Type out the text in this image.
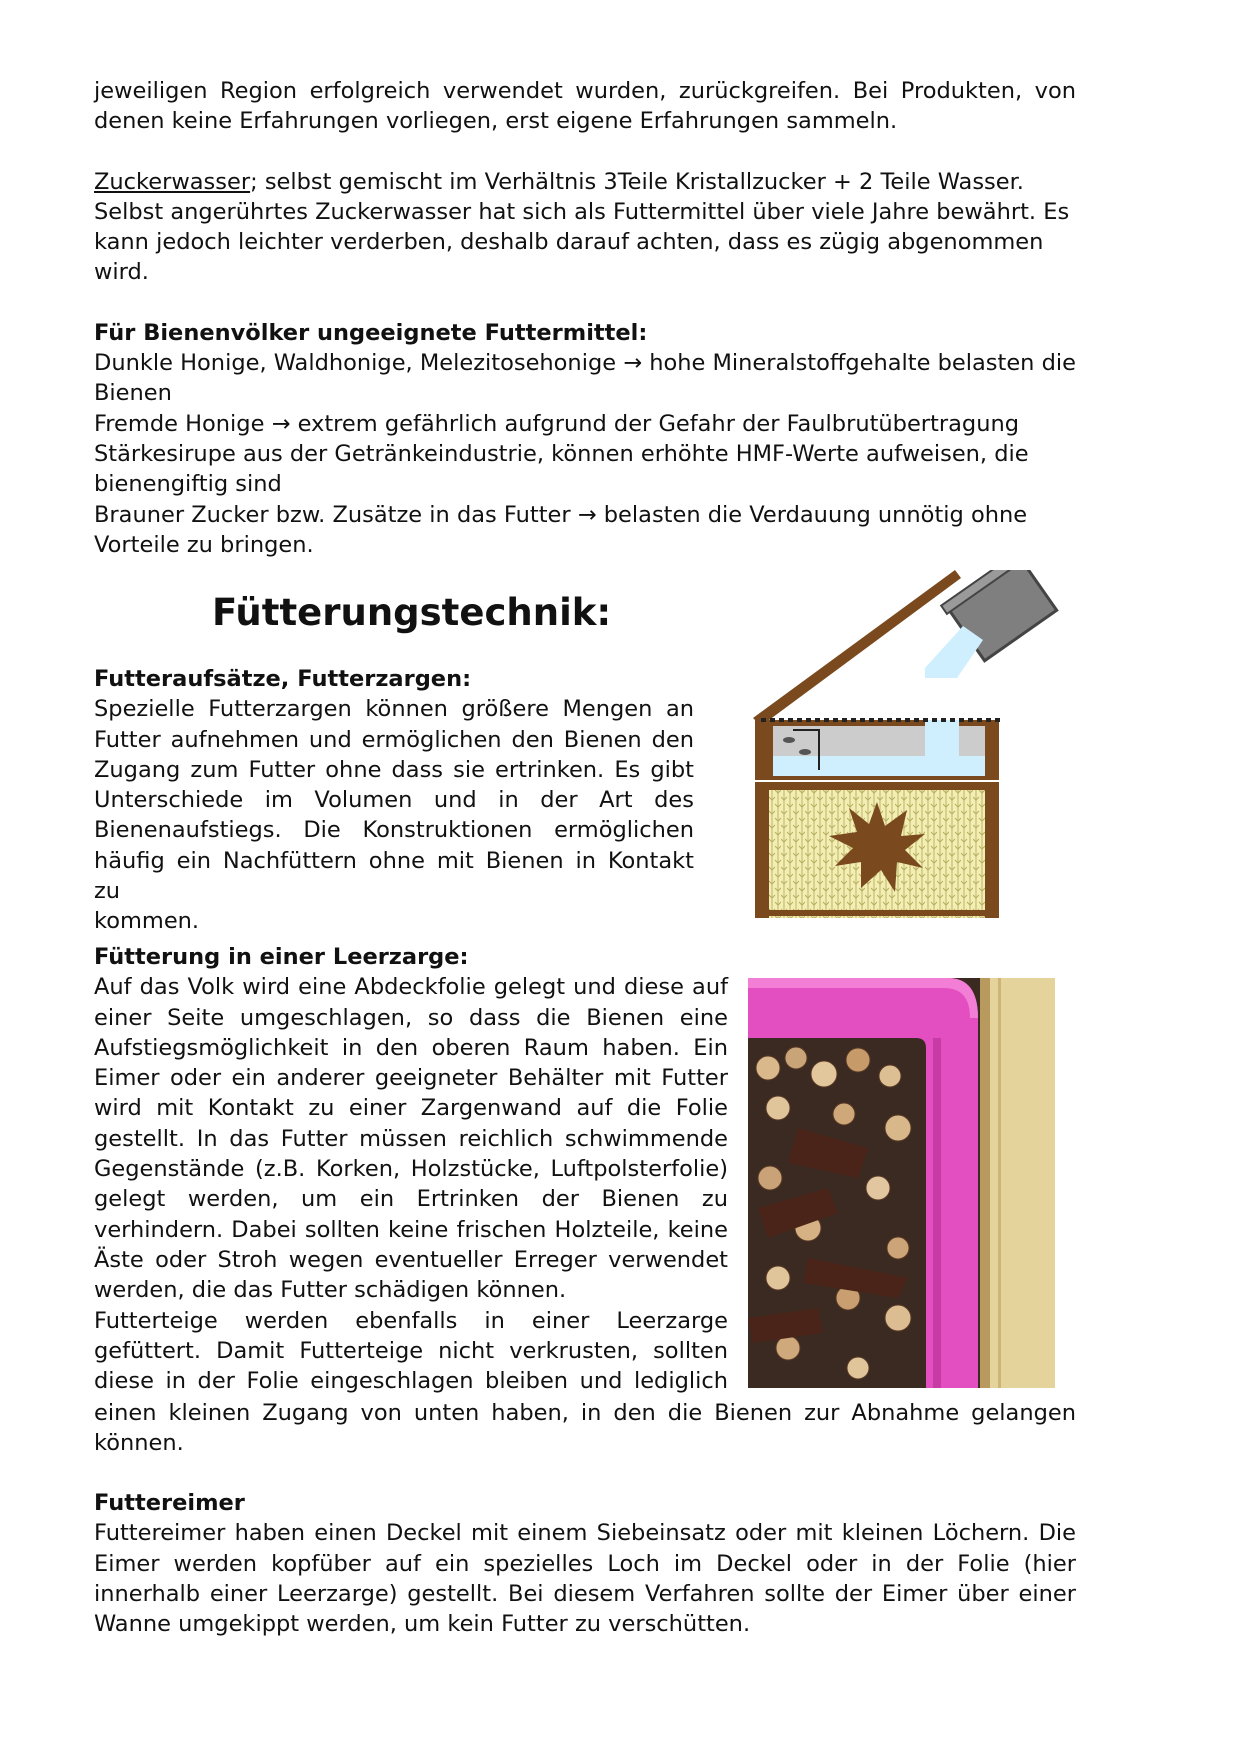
jeweiligen Region erfolgreich verwendet wurden, zurückgreifen. Bei Produkten, von
denen keine Erfahrungen vorliegen, erst eigene Erfahrungen sammeln.

Zuckerwasser; selbst gemischt im Verhältnis 3Teile Kristallzucker + 2 Teile Wasser.
Selbst angerührtes Zuckerwasser hat sich als Futtermittel über viele Jahre bewährt. Es
kann jedoch leichter verderben, deshalb darauf achten, dass es zügig abgenommen
wird.

Für Bienenvölker ungeeignete Futtermittel:

Dunkle Honige, Waldhonige, Melezitosehonige → hohe Mineralstoffgehalte belasten die
Bienen
Fremde Honige → extrem gefährlich aufgrund der Gefahr der Faulbrutübertragung
Stärkesirupe aus der Getränkeindustrie, können erhöhte HMF-Werte aufweisen, die
bienengiftig sind
Brauner Zucker bzw. Zusätze in das Futter → belasten die Verdauung unnötig ohne
Vorteile zu bringen.

Fütterungstechnik:

Futteraufsätze, Futterzargen:

Spezielle Futterzargen können größere Mengen an
Futter aufnehmen und ermöglichen den Bienen den
Zugang zum Futter ohne dass sie ertrinken. Es gibt
Unterschiede im Volumen und in der Art des
Bienenaufstiegs. Die Konstruktionen ermöglichen
häufig ein Nachfüttern ohne mit Bienen in Kontakt zu
kommen.

Fütterung in einer Leerzarge:

Auf das Volk wird eine Abdeckfolie gelegt und diese auf
einer Seite umgeschlagen, so dass die Bienen eine
Aufstiegsmöglichkeit in den oberen Raum haben. Ein
Eimer oder ein anderer geeigneter Behälter mit Futter
wird mit Kontakt zu einer Zargenwand auf die Folie
gestellt. In das Futter müssen reichlich schwimmende
Gegenstände (z.B. Korken, Holzstücke, Luftpolsterfolie)
gelegt werden, um ein Ertrinken der Bienen zu
verhindern. Dabei sollten keine frischen Holzteile, keine
Äste oder Stroh wegen eventueller Erreger verwendet
werden, die das Futter schädigen können.
Futterteige werden ebenfalls in einer Leerzarge
gefüttert. Damit Futterteige nicht verkrusten, sollten
diese in der Folie eingeschlagen bleiben und lediglich

einen kleinen Zugang von unten haben, in den die Bienen zur Abnahme gelangen
können.

Futtereimer

Futtereimer haben einen Deckel mit einem Siebeinsatz oder mit kleinen Löchern. Die
Eimer werden kopfüber auf ein spezielles Loch im Deckel oder in der Folie (hier
innerhalb einer Leerzarge) gestellt. Bei diesem Verfahren sollte der Eimer über einer
Wanne umgekippt werden, um kein Futter zu verschütten.
